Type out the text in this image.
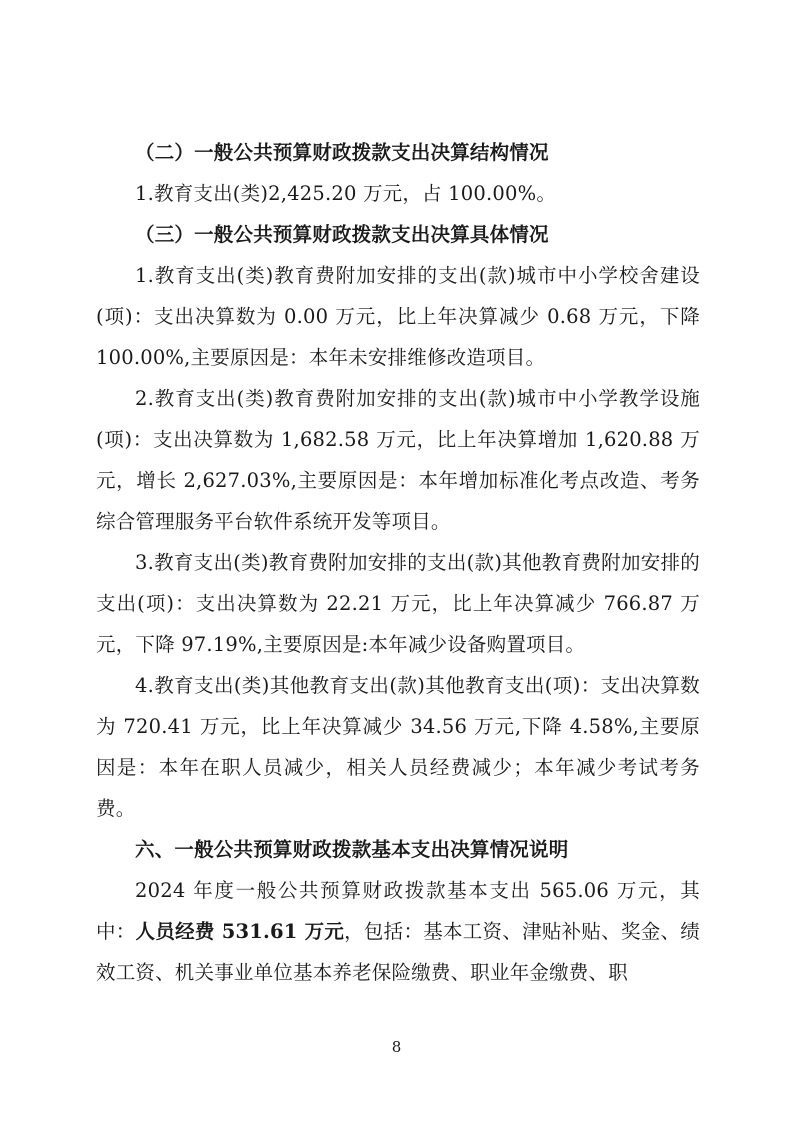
（二）一般公共预算财政拨款支出决算结构情况

1.教育支出(类)2,425.20 万元，占 100.00%。

（三）一般公共预算财政拨款支出决算具体情况

1.教育支出(类)教育费附加安排的支出(款)城市中小学校舍建设(项)：支出决算数为 0.00 万元，比上年决算减少 0.68 万元，下降 100.00%,主要原因是：本年未安排维修改造项目。

2.教育支出(类)教育费附加安排的支出(款)城市中小学教学设施(项)：支出决算数为 1,682.58 万元，比上年决算增加 1,620.88 万元，增长 2,627.03%,主要原因是：本年增加标准化考点改造、考务综合管理服务平台软件系统开发等项目。

3.教育支出(类)教育费附加安排的支出(款)其他教育费附加安排的支出(项)：支出决算数为 22.21 万元，比上年决算减少 766.87 万元，下降 97.19%,主要原因是:本年减少设备购置项目。

4.教育支出(类)其他教育支出(款)其他教育支出(项)：支出决算数为 720.41 万元，比上年决算减少 34.56 万元,下降 4.58%,主要原因是：本年在职人员减少，相关人员经费减少；本年减少考试考务费。

六、一般公共预算财政拨款基本支出决算情况说明

2024 年度一般公共预算财政拨款基本支出 565.06 万元，其中：人员经费 531.61 万元，包括：基本工资、津贴补贴、奖金、绩效工资、机关事业单位基本养老保险缴费、职业年金缴费、职

8
